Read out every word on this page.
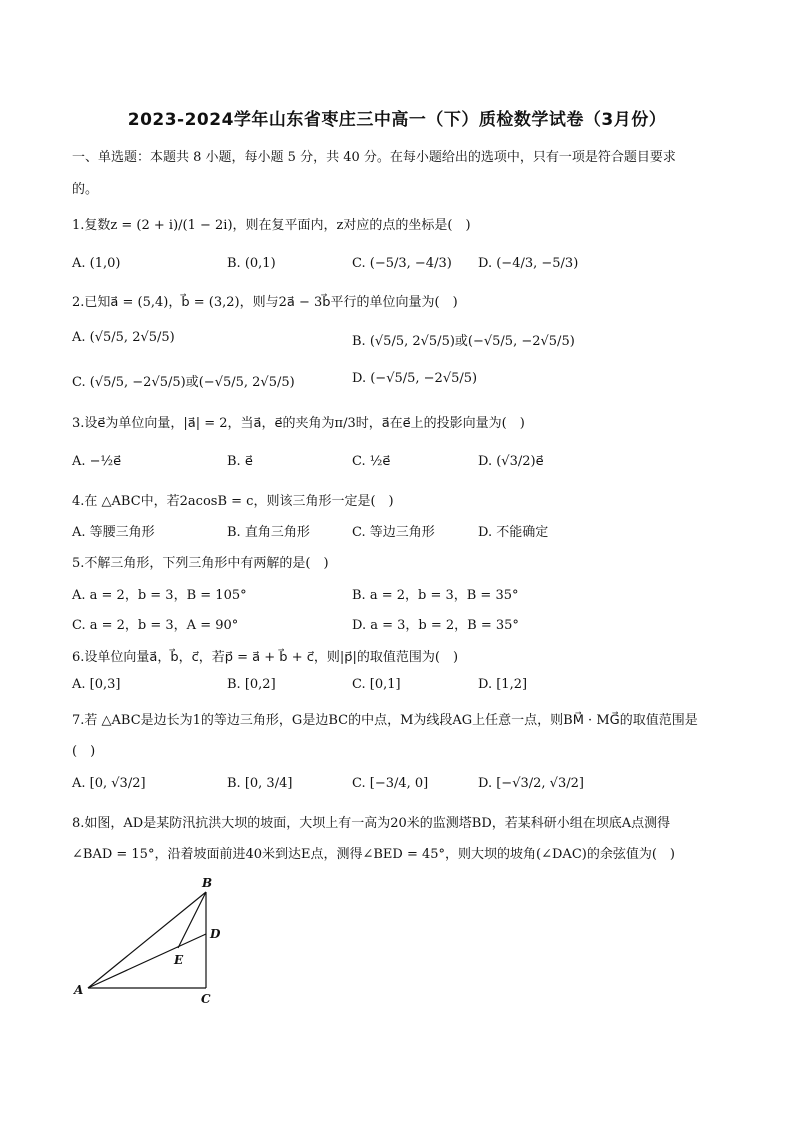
2023-2024学年山东省枣庄三中高一（下）质检数学试卷（3月份）
一、单选题：本题共 8 小题，每小题 5 分，共 40 分。在每小题给出的选项中，只有一项是符合题目要求
的。
1.复数z = (2 + i)/(1 − 2i)，则在复平面内，z对应的点的坐标是(　)
A. (1,0)	B. (0,1)	C. (−5/3, −4/3) D. (−4/3, −5/3)
2.已知a⃗ = (5,4)，b⃗ = (3,2)，则与2a⃗ − 3b⃗平行的单位向量为(　)
A. (√5/5, 2√5/5)	B. (√5/5, 2√5/5)或(−√5/5, −2√5/5)
C. (√5/5, −2√5/5)或(−√5/5, 2√5/5)	D. (−√5/5, −2√5/5)
3.设e⃗为单位向量，|a⃗| = 2，当a⃗，e⃗的夹角为π/3时，a⃗在e⃗上的投影向量为(　)
A. −½e⃗	B. e⃗	C. ½e⃗	D. (√3/2)e⃗
4.在 △ABC中，若2acosB = c，则该三角形一定是(　)
A. 等腰三角形	B. 直角三角形	C. 等边三角形	D. 不能确定
5.不解三角形，下列三角形中有两解的是(　)
A. a = 2，b = 3，B = 105°	B. a = 2，b = 3，B = 35°
C. a = 2，b = 3，A = 90°	D. a = 3，b = 2，B = 35°
6.设单位向量a⃗，b⃗，c⃗，若p⃗ = a⃗ + b⃗ + c⃗，则|p⃗|的取值范围为(　)
A. [0,3]	B. [0,2]	C. [0,1]	D. [1,2]
7.若 △ABC是边长为1的等边三角形，G是边BC的中点，M为线段AG上任意一点，则BM⃗ · MG⃗的取值范围是
(　)
A. [0, √3/2]	B. [0, 3/4]	C. [−3/4, 0]	D. [−√3/2, √3/2]
8.如图，AD是某防汛抗洪大坝的坡面，大坝上有一高为20米的监测塔BD，若某科研小组在坝底A点测得
∠BAD = 15°，沿着坡面前进40米到达E点，测得∠BED = 45°，则大坝的坡角(∠DAC)的余弦值为(　)
B
D
E
A
C
